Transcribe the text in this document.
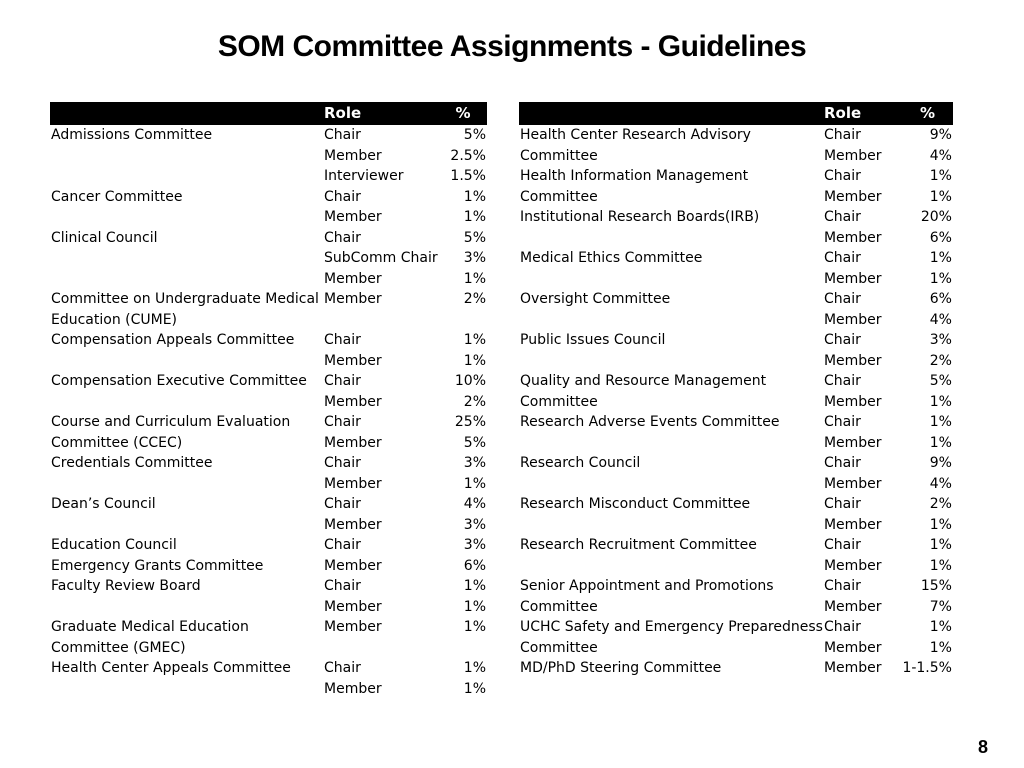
SOM Committee Assignments - Guidelines
	Role	%
Admissions Committee	Chair	5%
	Member	2.5%
	Interviewer	1.5%
Cancer Committee	Chair	1%
	Member	1%
Clinical Council	Chair	5%
	SubComm Chair	3%
	Member	1%
Committee on Undergraduate Medical	Member	2%
Education (CUME)		
Compensation Appeals Committee	Chair	1%
	Member	1%
Compensation Executive Committee	Chair	10%
	Member	2%
Course and Curriculum Evaluation	Chair	25%
Committee (CCEC)	Member	5%
Credentials Committee	Chair	3%
	Member	1%
Dean’s Council	Chair	4%
	Member	3%
Education Council	Chair	3%
Emergency Grants Committee	Member	6%
Faculty Review Board	Chair	1%
	Member	1%
Graduate Medical Education	Member	1%
Committee (GMEC)		
Health Center Appeals Committee	Chair	1%
	Member	1%
	Role	%
Health Center Research Advisory	Chair	9%
Committee	Member	4%
Health Information Management	Chair	1%
Committee	Member	1%
Institutional Research Boards(IRB)	Chair	20%
	Member	6%
Medical Ethics Committee	Chair	1%
	Member	1%
Oversight Committee	Chair	6%
	Member	4%
Public Issues Council	Chair	3%
	Member	2%
Quality and Resource Management	Chair	5%
Committee	Member	1%
Research Adverse Events Committee	Chair	1%
	Member	1%
Research Council	Chair	9%
	Member	4%
Research Misconduct Committee	Chair	2%
	Member	1%
Research Recruitment Committee	Chair	1%
	Member	1%
Senior Appointment and Promotions	Chair	15%
Committee	Member	7%
UCHC Safety and Emergency Preparedness	Chair	1%
Committee	Member	1%
MD/PhD Steering Committee	Member	1-1.5%
8
